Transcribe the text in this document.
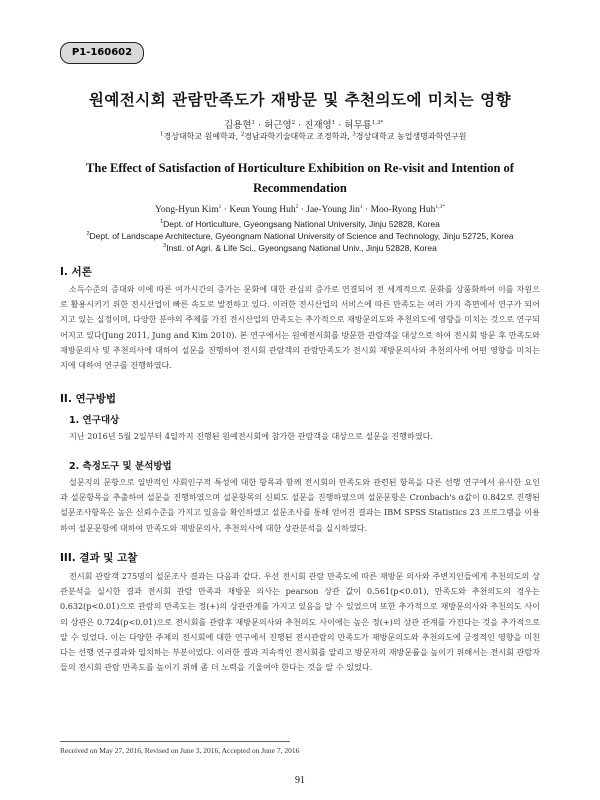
P1-160602
원예전시회 관람만족도가 재방문 및 추천의도에 미치는 영향
김용현$^1$ · 허근영$^2$ · 진재영$^1$ · 허무룡$^{1,3*}$
$^1$경상대학교 원예학과, $^2$경남과학기술대학교 조경학과, $^3$경상대학교 농업생명과학연구원
The Effect of Satisfaction of Horticulture Exhibition on Re-visit and Intention of
Recommendation
Yong-Hyun Kim$^1$ · Keun Young Huh$^2$ · Jae-Young Jin$^1$ · Moo-Ryong Huh$^{1,3*}$
$^1$Dept. of Horticulture, Gyeongsang National University, Jinju 52828, Korea
$^2$Dept. of Landscape Architecture, Gyeongnam National University of Science and Technology, Jinju 52725, Korea
$^3$Insti. of Agri. & Life Sci., Gyeongsang National Univ., Jinju 52828, Korea
I. 서론

소득수준의 증대와 이에 따른 여가시간의 증가는 문화에 대한 관심의 증가로 연결되어 전 세계적으로 문화를 상품화하여 이를 자원으로 활용시키기 위한 전시산업이 빠른 속도로 발전하고 있다. 이러한 전시산업의 서비스에 따른 만족도는 여러 가지 측면에서 연구가 되어 지고 있는 실정이며, 다양한 분야의 주제를 가진 전시산업의 만족도는 추가적으로 재방문의도와 추천의도에 영향을 미치는 것으로 연구되어지고 있다(Jung 2011, Jung and Kim 2010). 본 연구에서는 원예전시회를 방문한 관람객을 대상으로 하여 전시회 방문 후 만족도와 재방문의사 및 추천의사에 대하여 설문을 진행하여 전시회 관람객의 관람만족도가 전시회 재방문의사와 추천의사에 어떤 영향을 미치는지에 대하여 연구를 진행하였다.

II. 연구방법
1. 연구대상

지난 2016년 5월 2일부터 4일까지 진행된 원예전시회에 참가한 관람객을 대상으로 설문을 진행하였다.

2. 측정도구 및 분석방법

설문지의 문항으로 일반적인 사회인구적 특성에 대한 항목과 함께 전시회의 만족도와 관련된 항목을 다른 선행 연구에서 유사한 요인과 설문항목을 추출하여 설문을 진행하였으며 설문항목의 신뢰도 설문을 진행하였으며 설문문항은 Cronbach's α값이 0.842로 진행된 설문조사항목은 높은 신뢰수준을 가지고 있음을 확인하였고 설문조사를 통해 얻어진 결과는 IBM SPSS Statistics 23 프로그램을 이용하여 설문문항에 대하여 만족도와 재방문의사, 추천의사에 대한 상관분석을 실시하였다.

III. 결과 및 고찰

전시회 관람객 275명의 설문조사 결과는 다음과 같다. 우선 전시회 관람 만족도에 따른 재방문 의사와 주변지인들에게 추천의도의 상관분석을 실시한 결과 전시회 관람 만족과 재방문 의사는 pearson 상관 값이 0.561(p<0.01), 만족도와 추천의도의 경우는 0.632(p<0.01)으로 관람의 만족도는 정(+)의 상관관계를 가지고 있음을 알 수 있었으며 또한 추가적으로 재방문의사와 추천의도 사이의 상관은 0.724(p<0.01)으로 전시회를 관람후 재방문의사와 추천의도 사이에는 높은 정(+)의 상관 관계를 가진다는 것을 추가적으로 알 수 있었다. 이는 다양한 주제의 전시회에 대한 연구에서 진행된 전시관람의 만족도가 재방문의도와 추천의도에 긍정적인 영향을 미친다는 선행 연구결과와 일치하는 부분이었다. 이러한 결과 지속적인 전시회를 알리고 방문자의 재방문률을 높이기 위해서는 전시회 관람자들의 전시회 관람 만족도를 높이기 위해 좀 더 노력을 기울여야 한다는 것을 알 수 있었다.

Received on May 27, 2016, Revised on June 3, 2016, Accepted on June 7, 2016
91
